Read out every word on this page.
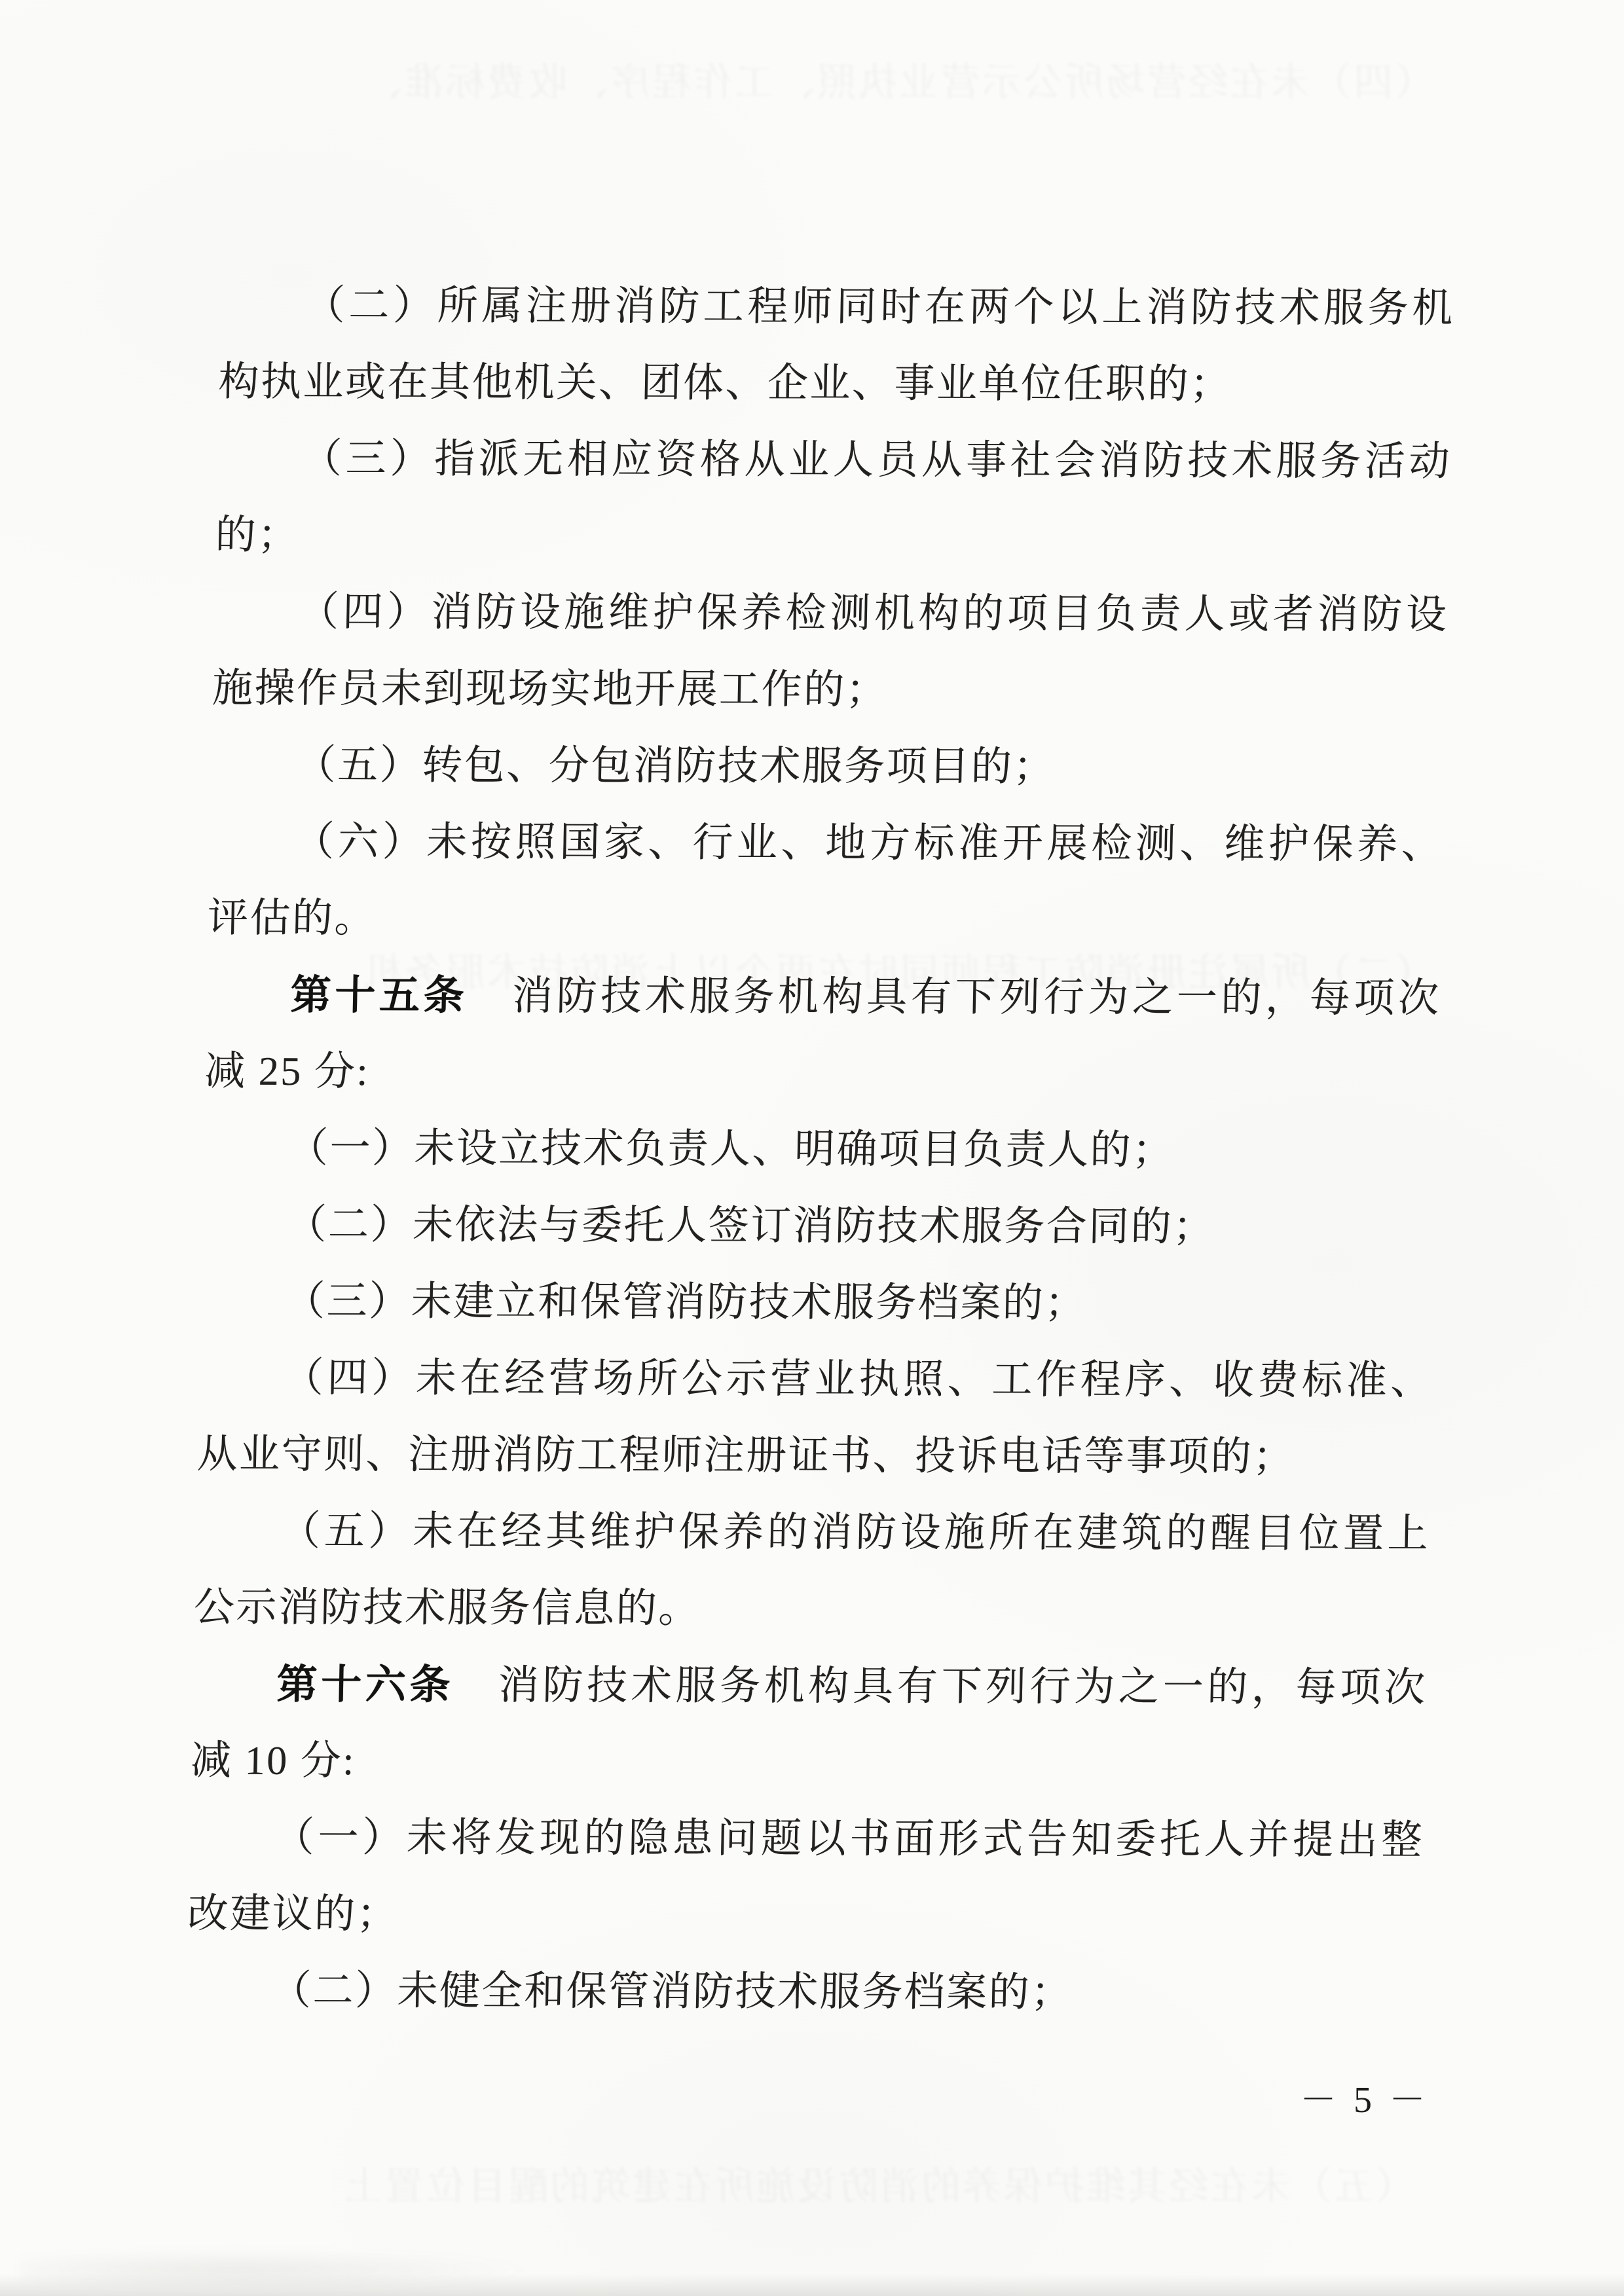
（二）所属注册消防工程师同时在两个以上消防技术服务机
构执业或在其他机关、团体、企业、事业单位任职的；
（三）指派无相应资格从业人员从事社会消防技术服务活动
的；
（四）消防设施维护保养检测机构的项目负责人或者消防设
施操作员未到现场实地开展工作的；
（五）转包、分包消防技术服务项目的；
（六）未按照国家、行业、地方标准开展检测、维护保养、
评估的。
第十五条　消防技术服务机构具有下列行为之一的，每项次
减 25 分:
（一）未设立技术负责人、明确项目负责人的；
（二）未依法与委托人签订消防技术服务合同的；
（三）未建立和保管消防技术服务档案的；
（四）未在经营场所公示营业执照、工作程序、收费标准、
从业守则、注册消防工程师注册证书、投诉电话等事项的；
（五）未在经其维护保养的消防设施所在建筑的醒目位置上
公示消防技术服务信息的。
第十六条　消防技术服务机构具有下列行为之一的，每项次
减 10 分:
（一）未将发现的隐患问题以书面形式告知委托人并提出整
改建议的；
（二）未健全和保管消防技术服务档案的；
－ 5 －
